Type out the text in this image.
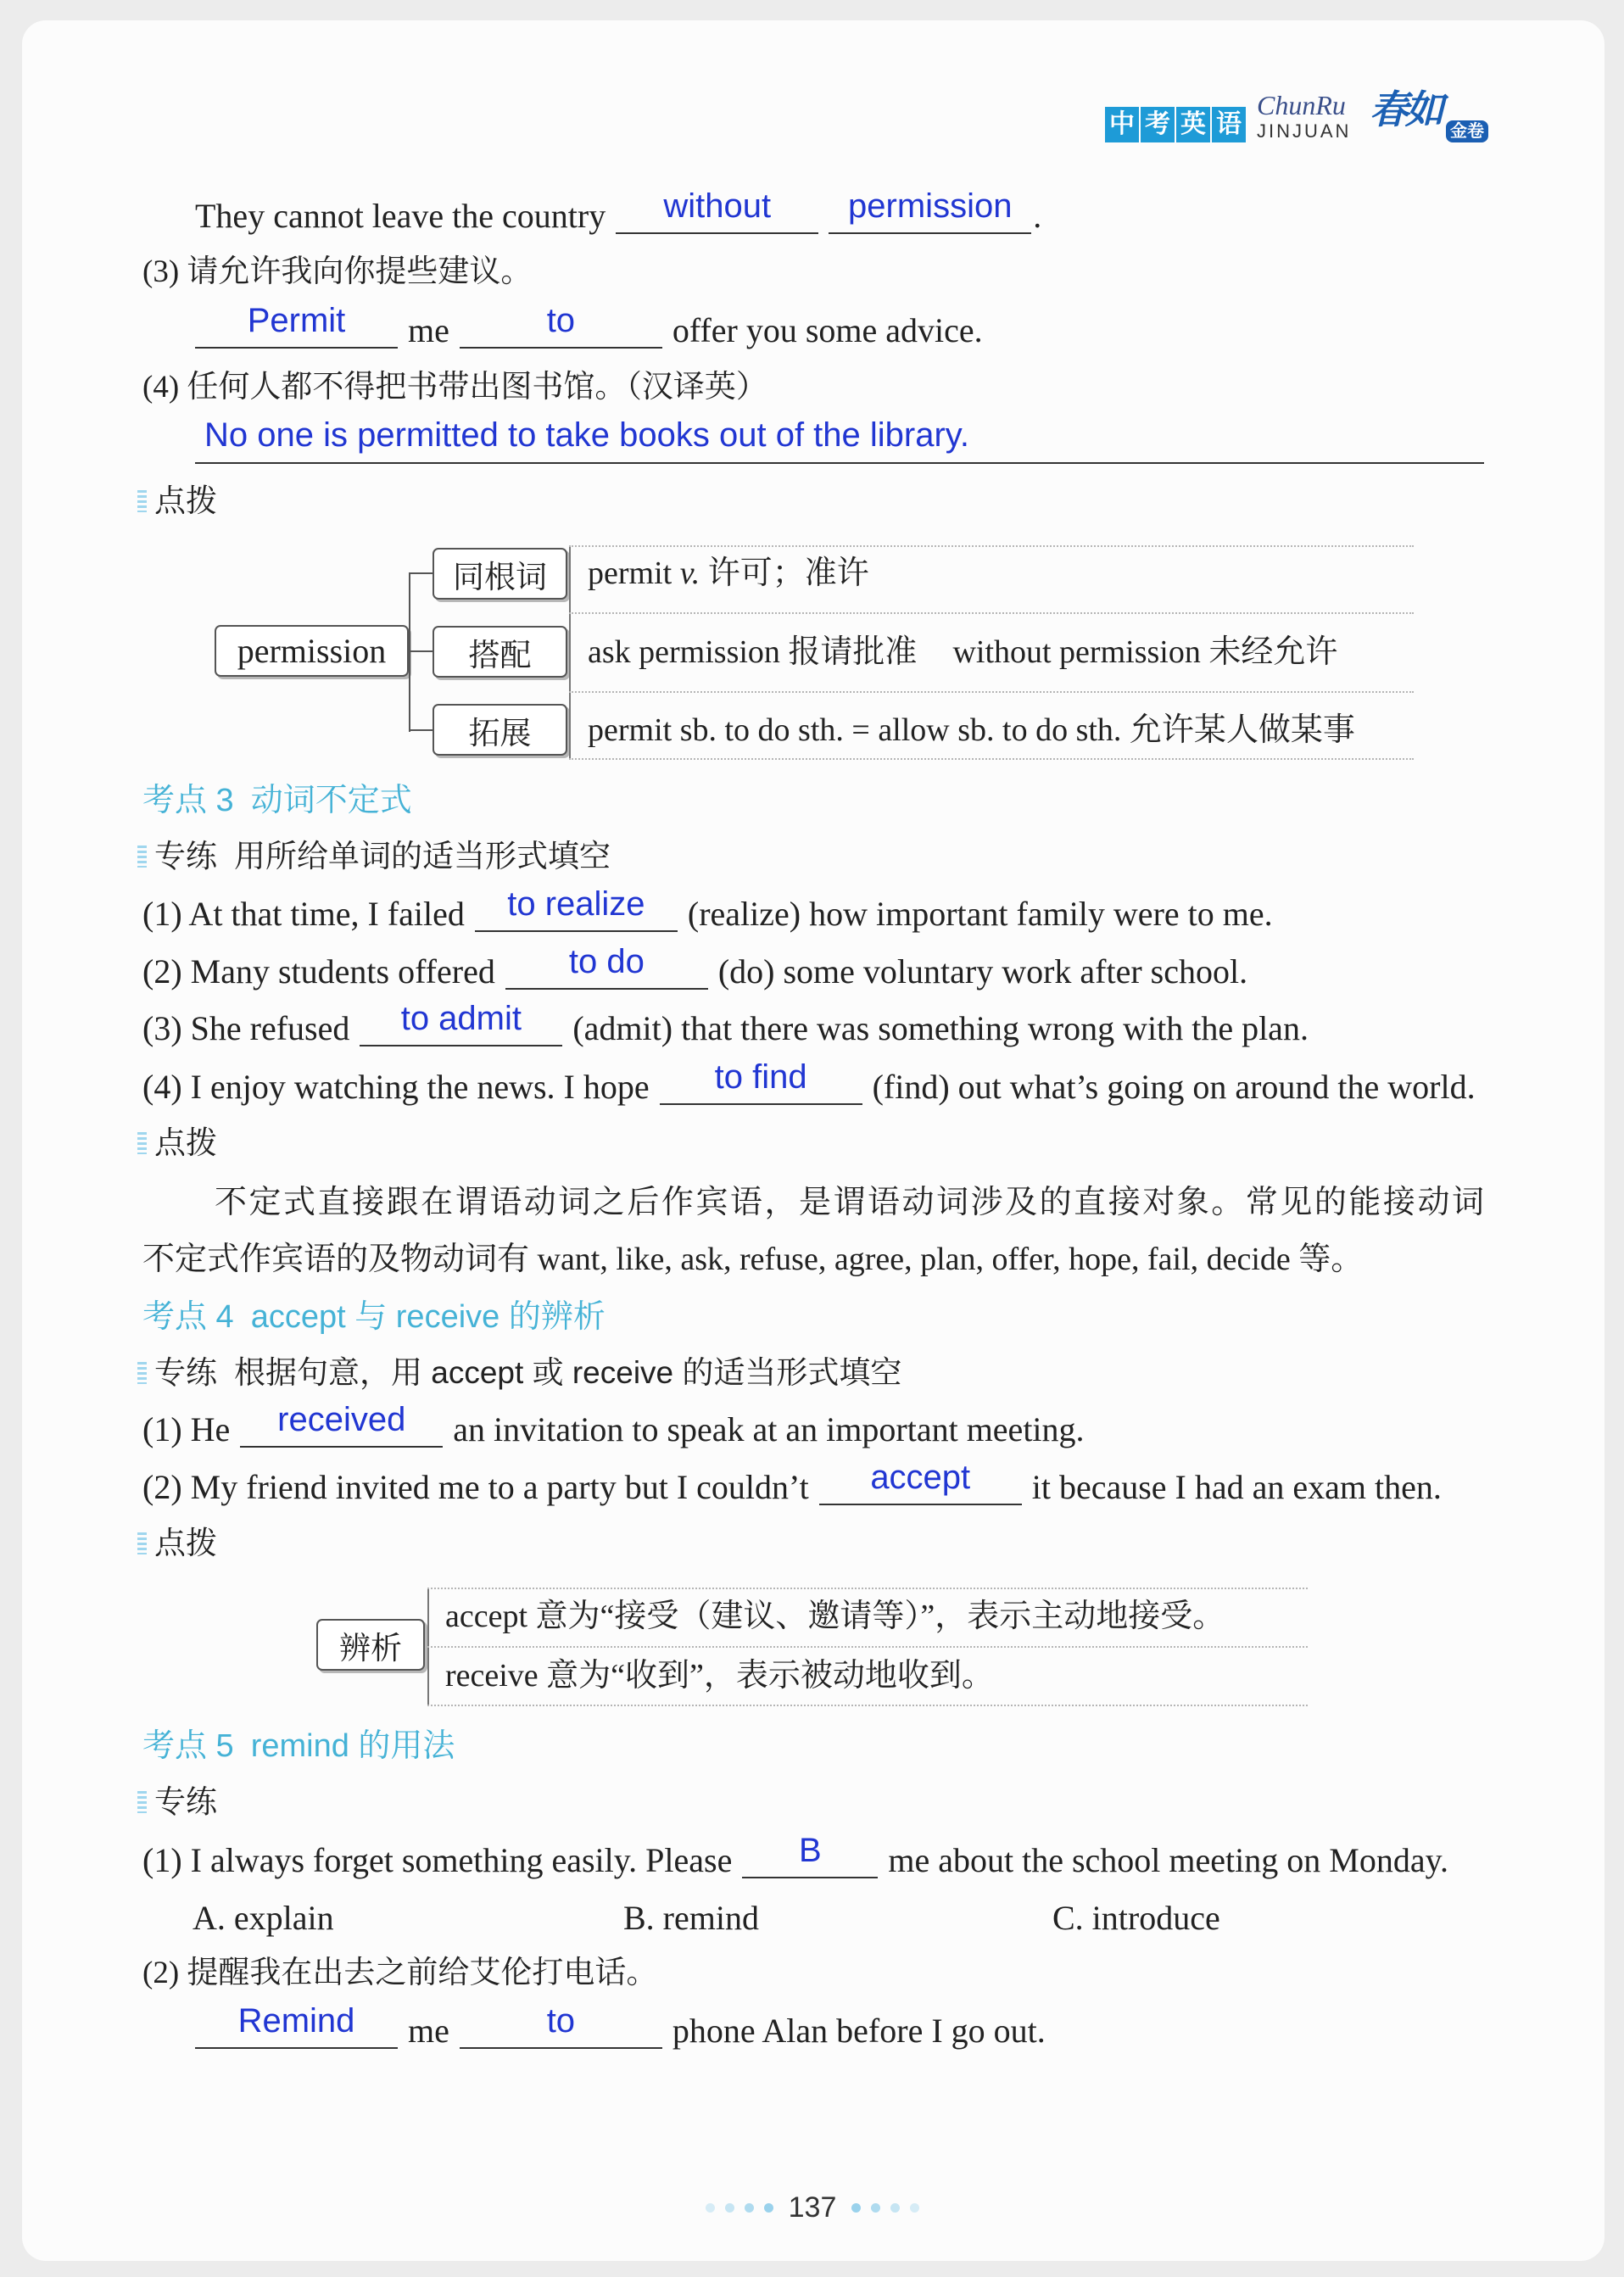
中 考 英 语
ChunRu
JINJUAN 春如 金卷
They cannot leave the country	without	permission .
(3) 请允许我向你提些建议。
Permit	me	to	offer you some advice.
(4) 任何人都不得把书带出图书馆。（汉译英）
No one is permitted to take books out of the library.
点拨
permission
同根词
搭配
拓展
permit v. 许可；准许
ask permission 报请批准 without permission 未经允许
permit sb. to do sth. = allow sb. to do sth. 允许某人做某事
考点 3 动词不定式
专练 用所给单词的适当形式填空
(1) At that time, I failed	to realize	(realize) how important family were to me.
(2) Many students offered	to do	(do) some voluntary work after school.
(3) She refused	to admit	(admit) that there was something wrong with the plan.
(4) I enjoy watching the news. I hope	to find	(find) out what’s going on around the world.
点拨
不定式直接跟在谓语动词之后作宾语，是谓语动词涉及的直接对象。常见的能接动词
不定式作宾语的及物动词有 want, like, ask, refuse, agree, plan, offer, hope, fail, decide 等。
考点 4 accept 与 receive 的辨析
专练 根据句意，用 accept 或 receive 的适当形式填空
(1) He	received	an invitation to speak at an important meeting.
(2) My friend invited me to a party but I couldn’t	accept	it because I had an exam then.
点拨
辨析
accept 意为“接受（建议、邀请等）”，表示主动地接受。
receive 意为“收到”，表示被动地收到。
考点 5 remind 的用法
专练
(1) I always forget something easily. Please	B	me about the school meeting on Monday.
A. explain	B. remind	C. introduce
(2) 提醒我在出去之前给艾伦打电话。
Remind	me	to	phone Alan before I go out.
137
